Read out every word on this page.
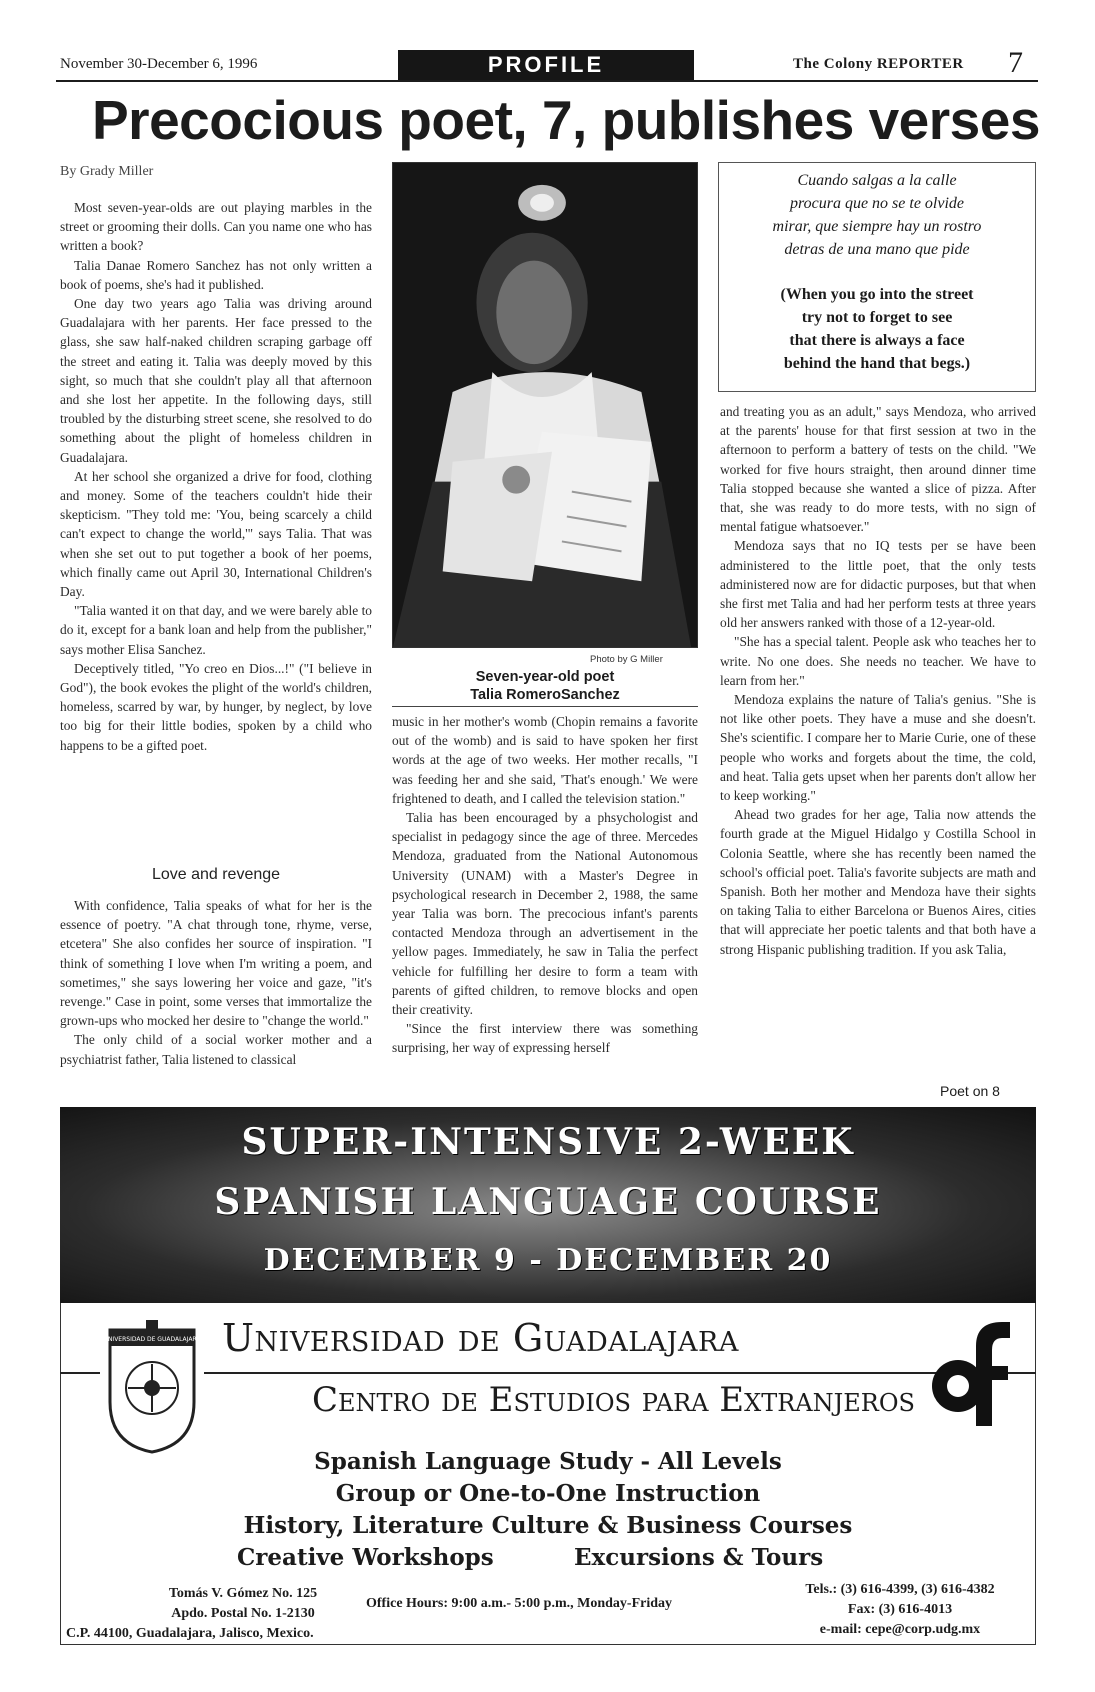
November 30-December 6, 1996	PROFILE	The Colony REPORTER 7
Precocious poet, 7, publishes verses
By Grady Miller

Most seven-year-olds are out playing marbles in the street or grooming their dolls. Can you name one who has written a book?

Talia Danae Romero Sanchez has not only written a book of poems, she's had it published.

One day two years ago Talia was driving around Guadalajara with her parents. Her face pressed to the glass, she saw half-naked children scraping garbage off the street and eating it. Talia was deeply moved by this sight, so much that she couldn't play all that afternoon and she lost her appetite. In the following days, still troubled by the disturbing street scene, she resolved to do something about the plight of homeless children in Guadalajara.

At her school she organized a drive for food, clothing and money. Some of the teachers couldn't hide their skepticism. "They told me: 'You, being scarcely a child can't expect to change the world,'" says Talia. That was when she set out to put together a book of her poems, which finally came out April 30, International Children's Day.

"Talia wanted it on that day, and we were barely able to do it, except for a bank loan and help from the publisher," says mother Elisa Sanchez.

Deceptively titled, "Yo creo en Dios...!" ("I believe in God"), the book evokes the plight of the world's children, homeless, scarred by war, by hunger, by neglect, by love too big for their little bodies, spoken by a child who happens to be a gifted poet.

Love and revenge

With confidence, Talia speaks of what for her is the essence of poetry. "A chat through tone, rhyme, verse, etcetera" She also confides her source of inspiration. "I think of something I love when I'm writing a poem, and sometimes," she says lowering her voice and gaze, "it's revenge." Case in point, some verses that immortalize the grown-ups who mocked her desire to "change the world."

The only child of a social worker mother and a psychiatrist father, Talia listened to classical

Photo by G Miller
Seven-year-old poet
Talia RomeroSanchez

music in her mother's womb (Chopin remains a favorite out of the womb) and is said to have spoken her first words at the age of two weeks. Her mother recalls, "I was feeding her and she said, 'That's enough.' We were frightened to death, and I called the television station."

Talia has been encouraged by a phsychologist and specialist in pedagogy since the age of three. Mercedes Mendoza, graduated from the National Autonomous University (UNAM) with a Master's Degree in psychological research in December 2, 1988, the same year Talia was born. The precocious infant's parents contacted Mendoza through an advertisement in the yellow pages. Immediately, he saw in Talia the perfect vehicle for fulfilling her desire to form a team with parents of gifted children, to remove blocks and open their creativity.

"Since the first interview there was something surprising, her way of expressing herself

Cuando salgas a la calle
procura que no se te olvide
mirar, que siempre hay un rostro
detras de una mano que pide
(When you go into the street
try not to forget to see
that there is always a face
behind the hand that begs.)

and treating you as an adult," says Mendoza, who arrived at the parents' house for that first session at two in the afternoon to perform a battery of tests on the child. "We worked for five hours straight, then around dinner time Talia stopped because she wanted a slice of pizza. After that, she was ready to do more tests, with no sign of mental fatigue whatsoever."

Mendoza says that no IQ tests per se have been administered to the little poet, that the only tests administered now are for didactic purposes, but that when she first met Talia and had her perform tests at three years old her answers ranked with those of a 12-year-old.

"She has a special talent. People ask who teaches her to write. No one does. She needs no teacher. We have to learn from her."

Mendoza explains the nature of Talia's genius. "She is not like other poets. They have a muse and she doesn't. She's scientific. I compare her to Marie Curie, one of these people who works and forgets about the time, the cold, and heat. Talia gets upset when her parents don't allow her to keep working."

Ahead two grades for her age, Talia now attends the fourth grade at the Miguel Hidalgo y Costilla School in Colonia Seattle, where she has recently been named the school's official poet. Talia's favorite subjects are math and Spanish. Both her mother and Mendoza have their sights on taking Talia to either Barcelona or Buenos Aires, cities that will appreciate her poetic talents and that both have a strong Hispanic publishing tradition. If you ask Talia,

Poet on 8
SUPER-INTENSIVE 2-WEEK
SPANISH LANGUAGE COURSE
DECEMBER 9 - DECEMBER 20
UNIVERSIDAD DE GUADALAJARA Universidad de Guadalajara
Centro de Estudios para Extranjeros
cf
Spanish Language Study - All Levels
Group or One-to-One Instruction
History, Literature Culture & Business Courses
Creative Workshops	Excursions & Tours
Tomás V. Gómez No. 125
Apdo. Postal No. 1-2130
C.P. 44100, Guadalajara, Jalisco, Mexico.
Office Hours: 9:00 a.m.- 5:00 p.m., Monday-Friday
Tels.: (3) 616-4399, (3) 616-4382
Fax: (3) 616-4013
e-mail: cepe@corp.udg.mx
